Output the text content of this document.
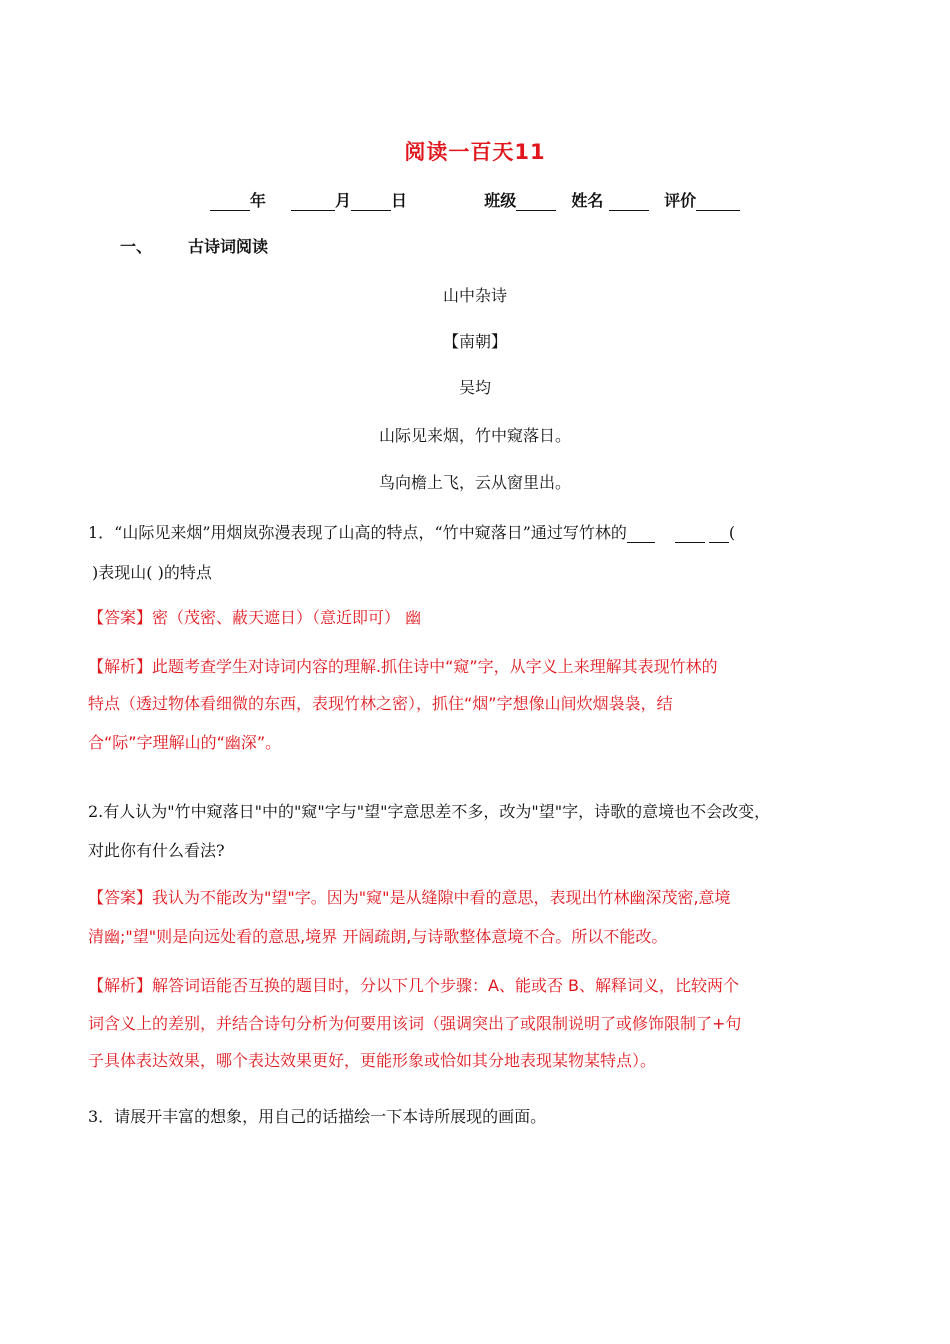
阅读一百天11
年	月	日	班级	姓名	评价
一、 古诗词阅读
山中杂诗
【南朝】
吴均
山际见来烟，竹中窥落日。
鸟向檐上飞，云从窗里出。
1．“山际见来烟”用烟岚弥漫表现了山高的特点，“竹中窥落日”通过写竹林的	(
)表现山( )的特点
【答案】密（茂密、蔽天遮日）（意近即可） 幽
【解析】此题考查学生对诗词内容的理解.抓住诗中“窥”字，从字义上来理解其表现竹林的
特点（透过物体看细微的东西，表现竹林之密），抓住“烟”字想像山间炊烟袅袅，结
合“际”字理解山的“幽深”。
2.有人认为"竹中窥落日"中的"窥"字与"望"字意思差不多，改为"望"字，诗歌的意境也不会改变，
对此你有什么看法?
【答案】我认为不能改为"望"字。因为"窥"是从缝隙中看的意思，表现出竹林幽深茂密,意境
清幽;"望"则是向远处看的意思,境界 开阔疏朗,与诗歌整体意境不合。所以不能改。
【解析】解答词语能否互换的题目时，分以下几个步骤：A、能或否 B、解释词义，比较两个
词含义上的差别，并结合诗句分析为何要用该词（强调突出了或限制说明了或修饰限制了+句
子具体表达效果，哪个表达效果更好，更能形象或恰如其分地表现某物某特点）。
3．请展开丰富的想象，用自己的话描绘一下本诗所展现的画面。
